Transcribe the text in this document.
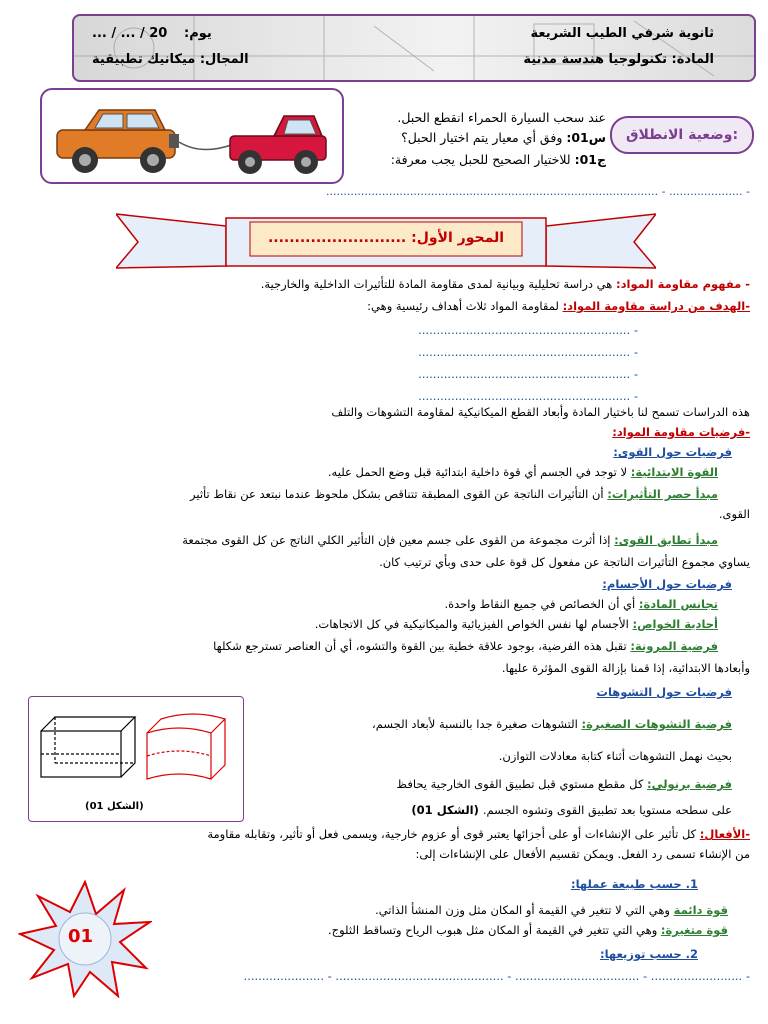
ثانوية شرفي الطيب الشريعة
يوم:
... / ... / 20
المادة: تكنولوجيا هندسة مدنية
المجال: ميكانيك تطبيقية
وضعية الانطلاق:
عند سحب السيارة الحمراء انقطع الحبل.
س01: وفق أي معيار يتم اختيار الحبل؟
ج01: للاختيار الصحيح للحبل يجب معرفة:
- ..................... - ...............................................................................................
المحور الأول: ..........................
- مفهوم مقاومة المواد: هي دراسة تحليلية وبيانية لمدى مقاومة المادة للتأثيرات الداخلية والخارجية.
-الهدف من دراسة مقاومة المواد: لمقاومة المواد ثلاث أهداف رئيسية وهي:
- ..........................................................
- ..........................................................
- ..........................................................
- ..........................................................
هذه الدراسات تسمح لنا باختيار المادة وأبعاد القطع الميكانيكية لمقاومة التشوهات والتلف
-فرضيات مقاومة المواد:
فرضيات حول القوى:
القوة الابتدائية: لا توجد في الجسم أي قوة داخلية ابتدائية قبل وضع الحمل عليه.
مبدأ حصر التأثيرات: أن التأثيرات الناتجة عن القوى المطبقة تتناقص بشكل ملحوظ عندما نبتعد عن نقاط تأثير
القوى.
مبدأ تطابق القوى: إذا أثرت مجموعة من القوى على جسم معين فإن التأثير الكلي الناتج عن كل القوى مجتمعة
يساوي مجموع التأثيرات الناتجة عن مفعول كل قوة على حدى وبأي ترتيب كان.
فرضيات حول الأجسام:
تجانس المادة: أي أن الخصائص في جميع النقاط واحدة.
أحادية الخواص: الأجسام لها نفس الخواص الفيزيائية والميكانيكية في كل الاتجاهات.
فرضية المرونة: تقبل هذه الفرضية، بوجود علاقة خطية بين القوة والتشوه، أي أن العناصر تسترجع شكلها
وأبعادها الابتدائية، إذا قمنا بإزالة القوى المؤثرة عليها.
فرضيات حول التشوهات
(الشكل 01)
فرضية التشوهات الصغيرة: التشوهات صغيرة جدا بالنسبة لأبعاد الجسم،
بحيث نهمل التشوهات أثناء كتابة معادلات التوازن.
فرضية برنولي: كل مقطع مستوي قبل تطبيق القوى الخارجية يحافظ
على سطحه مستويا بعد تطبيق القوى وتشوه الجسم. (الشكل 01)
-الأفعال: كل تأثير على الإنشاءات أو على أجزائها يعتبر قوى أو عزوم خارجية، ويسمى فعل أو تأثير، وتقابله مقاومة
من الإنشاء تسمى رد الفعل. ويمكن تقسيم الأفعال على الإنشاءات إلى:
1. حسب طبيعة عملها:
قوة دائمة وهي التي لا تتغير في القيمة أو المكان مثل وزن المنشأ الذاتي.
قوة متغيرة: وهي التي تتغير في القيمة أو المكان مثل هبوب الرياح وتساقط الثلوج.
2. حسب توزيعها:
- ......................... - .................................. - .............................................. - ......................
01
